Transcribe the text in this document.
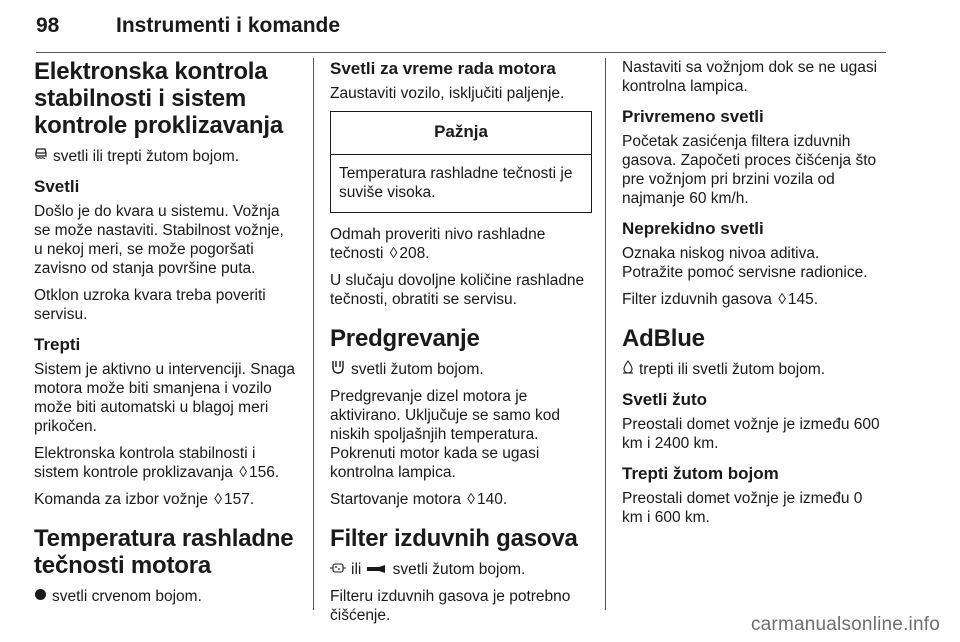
98	Instrumenti i komande
Elektronska kontrola stabilnosti i sistem kontrole proklizavanja

svetli ili trepti žutom bojom.

Svetli

Došlo je do kvara u sistemu. Vožnja se može nastaviti. Stabilnost vožnje, u nekoj meri, se može pogoršati zavisno od stanja površine puta.

Otklon uzroka kvara treba poveriti servisu.

Trepti

Sistem je aktivno u intervenciji. Snaga motora može biti smanjena i vozilo može biti automatski u blagoj meri prikočen.

Elektronska kontrola stabilnosti i sistem kontrole proklizavanja ◊ 156.

Komanda za izbor vožnje ◊ 157.

Temperatura rashladne tečnosti motora

svetli crvenom bojom.

Svetli za vreme rada motora

Zaustaviti vozilo, isključiti paljenje.

Pažnja
Temperatura rashladne tečnosti je suviše visoka.

Odmah proveriti nivo rashladne tečnosti ◊ 208.

U slučaju dovoljne količine rashladne tečnosti, obratiti se servisu.

Predgrevanje

svetli žutom bojom.

Predgrevanje dizel motora je aktivirano. Uključuje se samo kod niskih spoljašnjih temperatura. Pokrenuti motor kada se ugasi kontrolna lampica.

Startovanje motora ◊ 140.

Filter izduvnih gasova

ili svetli žutom bojom.

Filteru izduvnih gasova je potrebno čišćenje.

Nastaviti sa vožnjom dok se ne ugasi kontrolna lampica.

Privremeno svetli

Početak zasićenja filtera izduvnih gasova. Započeti proces čišćenja što pre vožnjom pri brzini vozila od najmanje 60 km/h.

Neprekidno svetli

Oznaka niskog nivoa aditiva. Potražite pomoć servisne radionice.

Filter izduvnih gasova ◊ 145.

AdBlue

trepti ili svetli žutom bojom.

Svetli žuto

Preostali domet vožnje je između 600 km i 2400 km.

Trepti žutom bojom

Preostali domet vožnje je između 0 km i 600 km.

carmanualsonline.info
